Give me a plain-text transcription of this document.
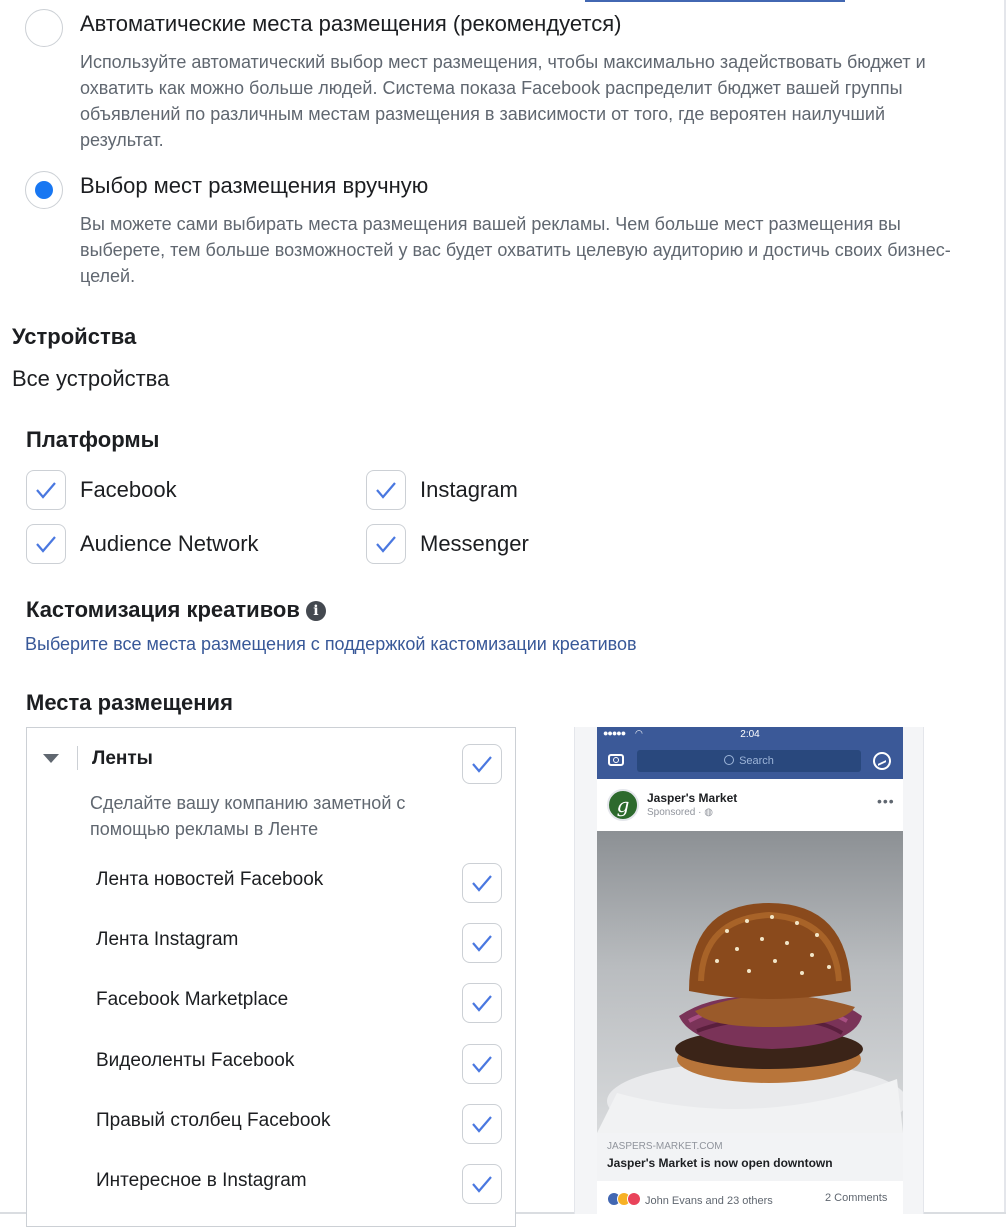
Автоматические места размещения (рекомендуется)
Используйте автоматический выбор мест размещения, чтобы максимально задействовать бюджет и охватить как можно больше людей. Система показа Facebook распределит бюджет вашей группы объявлений по различным местам размещения в зависимости от того, где вероятен наилучший результат.
Выбор мест размещения вручную
Вы можете сами выбирать места размещения вашей рекламы. Чем больше мест размещения вы выберете, тем больше возможностей у вас будет охватить целевую аудиторию и достичь своих бизнес-целей.
Устройства
Все устройства
Платформы
Facebook	Instagram
Audience Network	Messenger
Кастомизация креативов i
Выберите все места размещения с поддержкой кастомизации креативов
Места размещения
Ленты
Сделайте вашу компанию заметной с помощью рекламы в Ленте
Лента новостей Facebook
Лента Instagram
Facebook Marketplace
Видеоленты Facebook
Правый столбец Facebook
Интересное в Instagram
●●●●● ◠	2:04
Search
g	Jasper's Market
Sponsored · ◍
•••
JASPERS-MARKET.COM
Jasper's Market is now open downtown
John Evans and 23 others	2 Comments
